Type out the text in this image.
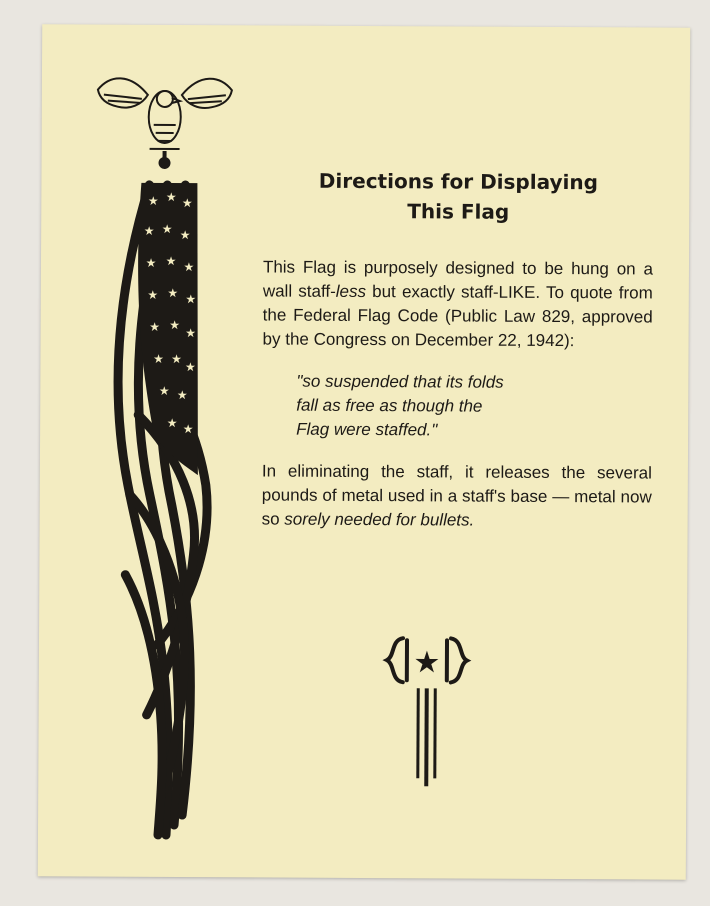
★ ★ ★
★ ★ ★
★ ★ ★
★ ★ ★
★ ★
★
★ ★
★
★ ★
★ ★
Directions for Displaying
This Flag

This Flag is purposely designed to be hung on a wall staff-less but exactly staff-LIKE. To quote from the Federal Flag Code (Public Law 829, approved by the Congress on December 22, 1942):

"so suspended that its folds
fall as free as though the
Flag were staffed."

In eliminating the staff, it releases the several pounds of metal used in a staff's base — metal now so sorely needed for bullets.

★
